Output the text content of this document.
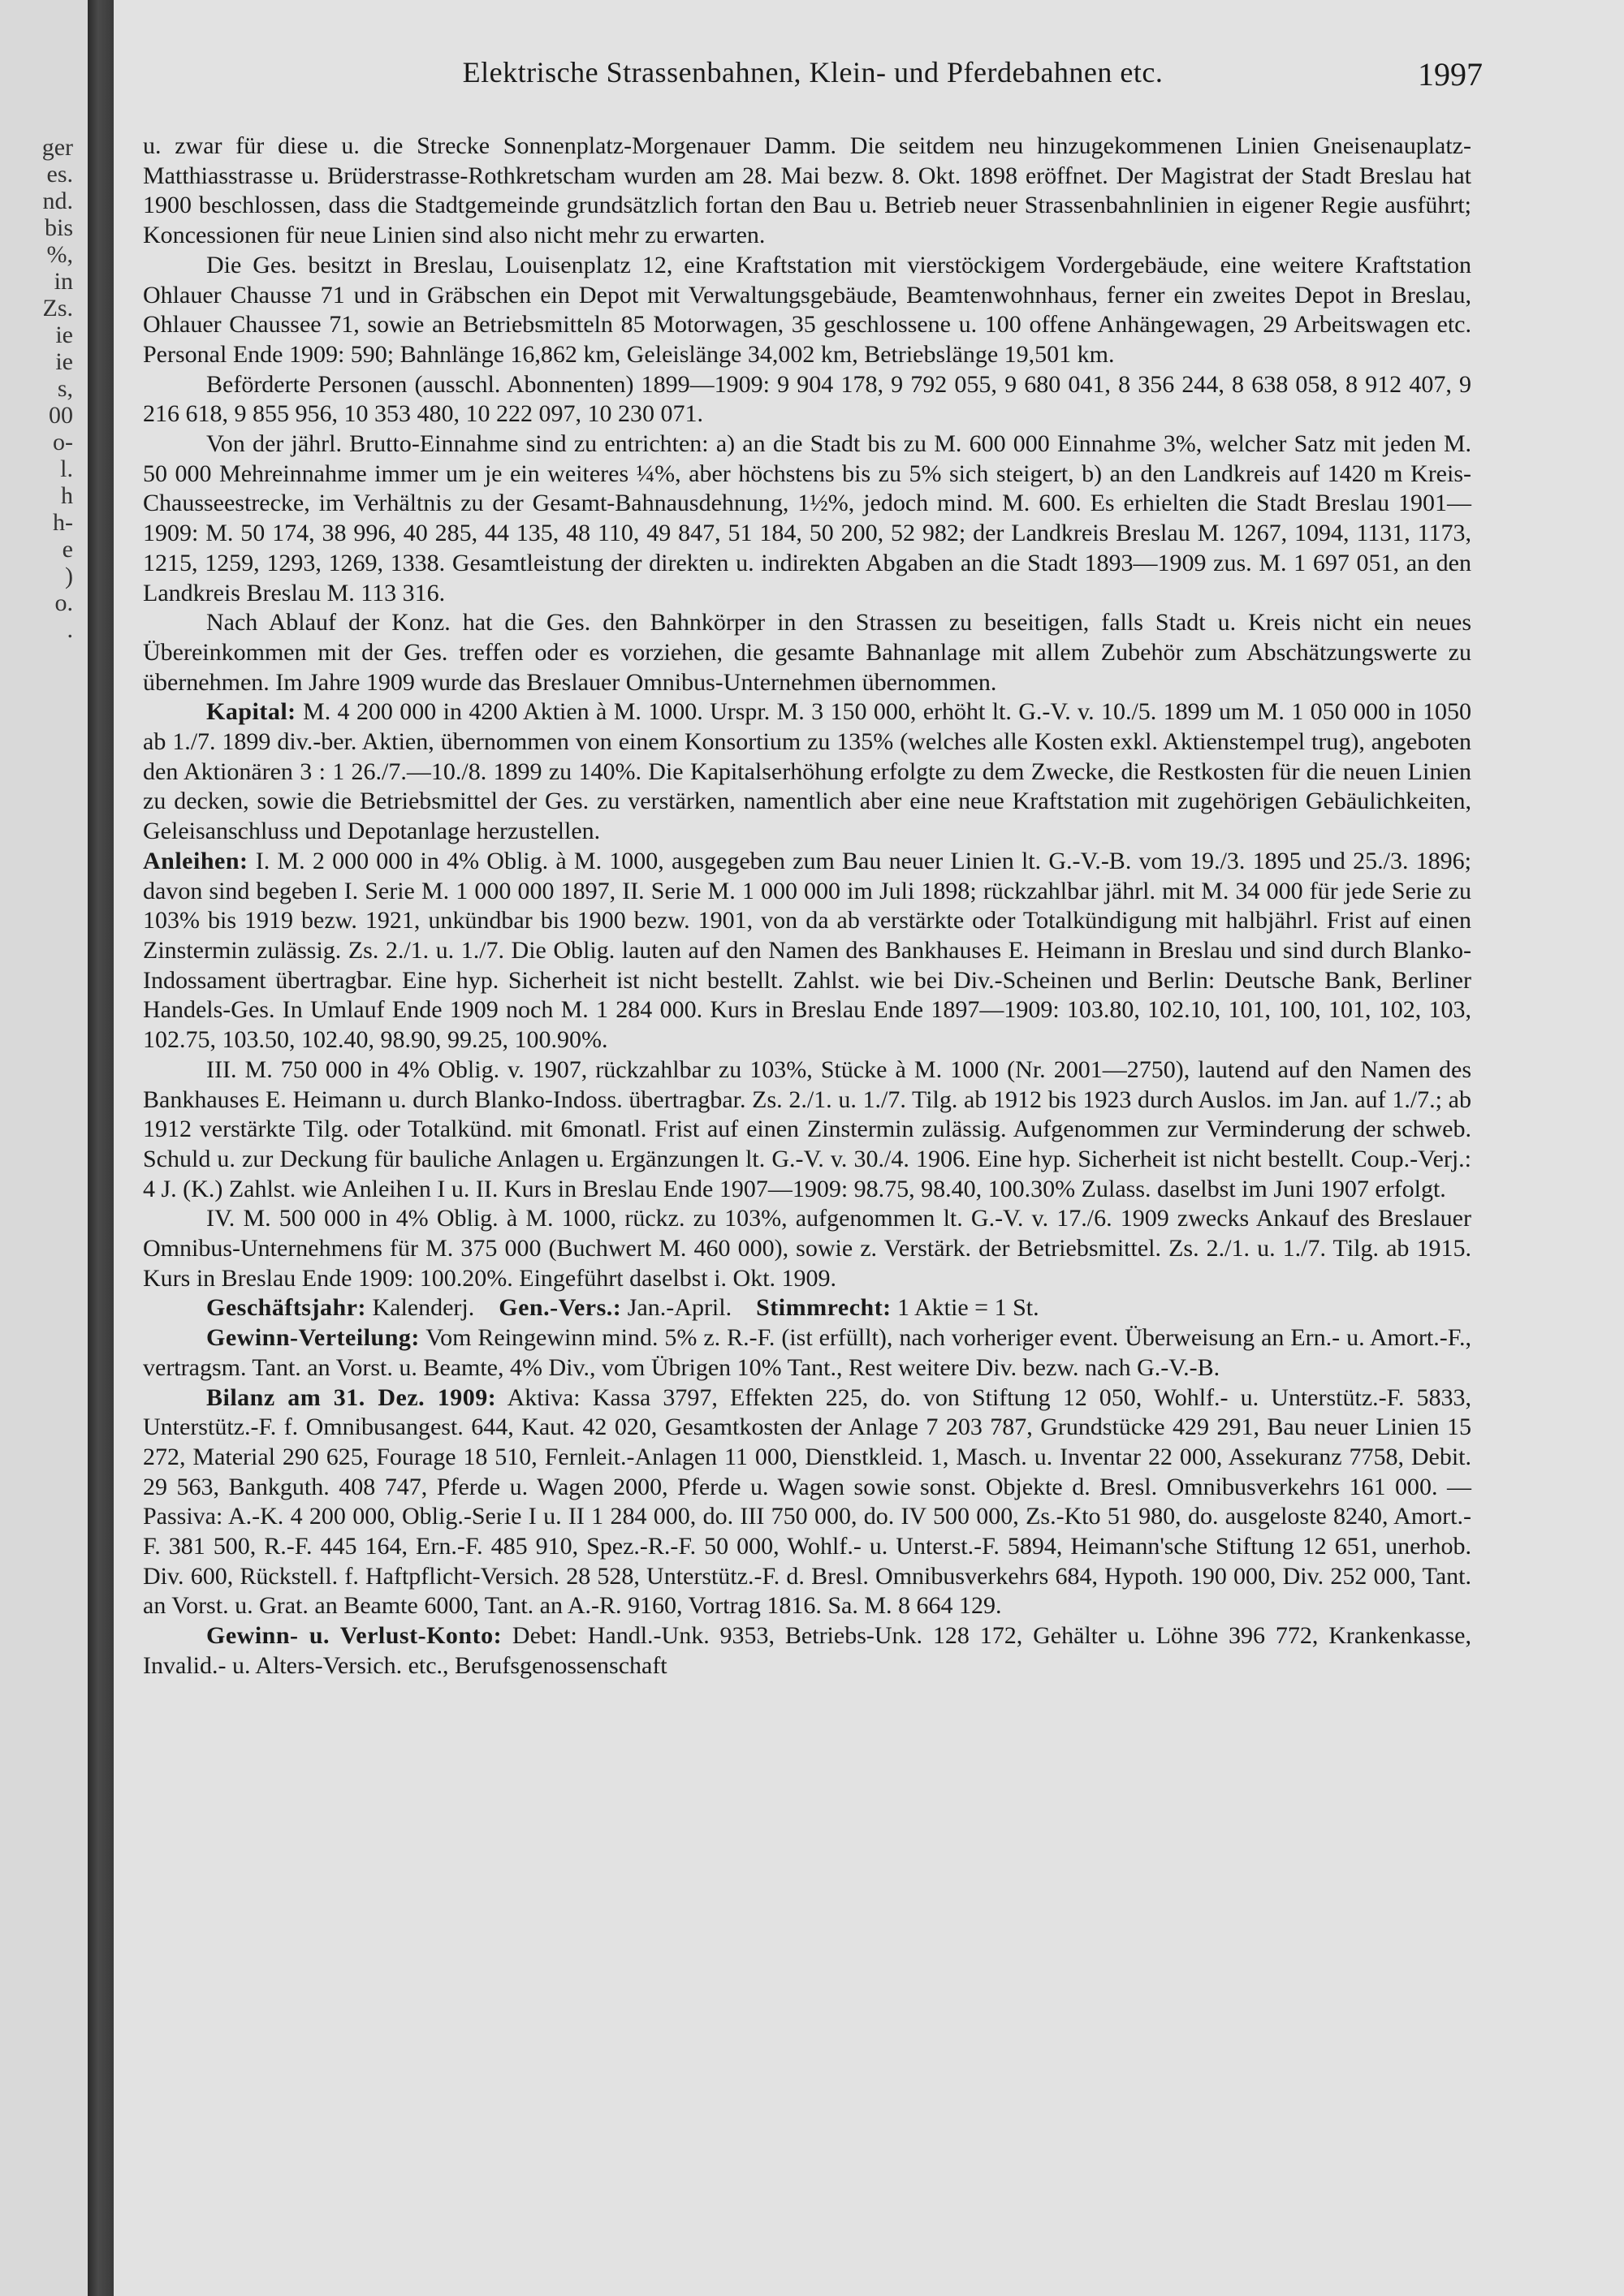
ger
es.
nd.
bis
%,
in
Zs.
ie
ie
s,
00
o-
l.
h
h-
e
)
o.
.
Elektrische Strassenbahnen, Klein- und Pferdebahnen etc.	1997

u. zwar für diese u. die Strecke Sonnenplatz-Morgenauer Damm. Die seitdem neu hinzugekommenen Linien Gneisenauplatz-Matthiasstrasse u. Brüderstrasse-Rothkretscham wurden am 28. Mai bezw. 8. Okt. 1898 eröffnet. Der Magistrat der Stadt Breslau hat 1900 beschlossen, dass die Stadtgemeinde grundsätzlich fortan den Bau u. Betrieb neuer Strassenbahnlinien in eigener Regie ausführt; Koncessionen für neue Linien sind also nicht mehr zu erwarten.

Die Ges. besitzt in Breslau, Louisenplatz 12, eine Kraftstation mit vierstöckigem Vordergebäude, eine weitere Kraftstation Ohlauer Chausse 71 und in Gräbschen ein Depot mit Verwaltungsgebäude, Beamtenwohnhaus, ferner ein zweites Depot in Breslau, Ohlauer Chaussee 71, sowie an Betriebsmitteln 85 Motorwagen, 35 geschlossene u. 100 offene Anhängewagen, 29 Arbeitswagen etc. Personal Ende 1909: 590; Bahnlänge 16,862 km, Geleislänge 34,002 km, Betriebslänge 19,501 km.

Beförderte Personen (ausschl. Abonnenten) 1899—1909: 9 904 178, 9 792 055, 9 680 041, 8 356 244, 8 638 058, 8 912 407, 9 216 618, 9 855 956, 10 353 480, 10 222 097, 10 230 071.

Von der jährl. Brutto-Einnahme sind zu entrichten: a) an die Stadt bis zu M. 600 000 Einnahme 3%, welcher Satz mit jeden M. 50 000 Mehreinnahme immer um je ein weiteres ¼%, aber höchstens bis zu 5% sich steigert, b) an den Landkreis auf 1420 m Kreis-Chausseestrecke, im Verhältnis zu der Gesamt-Bahnausdehnung, 1½%, jedoch mind. M. 600. Es erhielten die Stadt Breslau 1901—1909: M. 50 174, 38 996, 40 285, 44 135, 48 110, 49 847, 51 184, 50 200, 52 982; der Landkreis Breslau M. 1267, 1094, 1131, 1173, 1215, 1259, 1293, 1269, 1338. Gesamtleistung der direkten u. indirekten Abgaben an die Stadt 1893—1909 zus. M. 1 697 051, an den Landkreis Breslau M. 113 316.

Nach Ablauf der Konz. hat die Ges. den Bahnkörper in den Strassen zu beseitigen, falls Stadt u. Kreis nicht ein neues Übereinkommen mit der Ges. treffen oder es vorziehen, die gesamte Bahnanlage mit allem Zubehör zum Abschätzungswerte zu übernehmen. Im Jahre 1909 wurde das Breslauer Omnibus-Unternehmen übernommen.

Kapital: M. 4 200 000 in 4200 Aktien à M. 1000. Urspr. M. 3 150 000, erhöht lt. G.-V. v. 10./5. 1899 um M. 1 050 000 in 1050 ab 1./7. 1899 div.-ber. Aktien, übernommen von einem Konsortium zu 135% (welches alle Kosten exkl. Aktienstempel trug), angeboten den Aktionären 3 : 1 26./7.—10./8. 1899 zu 140%. Die Kapitalserhöhung erfolgte zu dem Zwecke, die Restkosten für die neuen Linien zu decken, sowie die Betriebsmittel der Ges. zu verstärken, namentlich aber eine neue Kraftstation mit zugehörigen Gebäulichkeiten, Geleisanschluss und Depotanlage herzustellen.

Anleihen: I. M. 2 000 000 in 4% Oblig. à M. 1000, ausgegeben zum Bau neuer Linien lt. G.-V.-B. vom 19./3. 1895 und 25./3. 1896; davon sind begeben I. Serie M. 1 000 000 1897, II. Serie M. 1 000 000 im Juli 1898; rückzahlbar jährl. mit M. 34 000 für jede Serie zu 103% bis 1919 bezw. 1921, unkündbar bis 1900 bezw. 1901, von da ab verstärkte oder Totalkündigung mit halbjährl. Frist auf einen Zinstermin zulässig. Zs. 2./1. u. 1./7. Die Oblig. lauten auf den Namen des Bankhauses E. Heimann in Breslau und sind durch Blanko-Indossament übertragbar. Eine hyp. Sicherheit ist nicht bestellt. Zahlst. wie bei Div.-Scheinen und Berlin: Deutsche Bank, Berliner Handels-Ges. In Umlauf Ende 1909 noch M. 1 284 000. Kurs in Breslau Ende 1897—1909: 103.80, 102.10, 101, 100, 101, 102, 103, 102.75, 103.50, 102.40, 98.90, 99.25, 100.90%.

III. M. 750 000 in 4% Oblig. v. 1907, rückzahlbar zu 103%, Stücke à M. 1000 (Nr. 2001—2750), lautend auf den Namen des Bankhauses E. Heimann u. durch Blanko-Indoss. übertragbar. Zs. 2./1. u. 1./7. Tilg. ab 1912 bis 1923 durch Auslos. im Jan. auf 1./7.; ab 1912 verstärkte Tilg. oder Totalkünd. mit 6monatl. Frist auf einen Zinstermin zulässig. Aufgenommen zur Verminderung der schweb. Schuld u. zur Deckung für bauliche Anlagen u. Ergänzungen lt. G.-V. v. 30./4. 1906. Eine hyp. Sicherheit ist nicht bestellt. Coup.-Verj.: 4 J. (K.) Zahlst. wie Anleihen I u. II. Kurs in Breslau Ende 1907—1909: 98.75, 98.40, 100.30% Zulass. daselbst im Juni 1907 erfolgt.

IV. M. 500 000 in 4% Oblig. à M. 1000, rückz. zu 103%, aufgenommen lt. G.-V. v. 17./6. 1909 zwecks Ankauf des Breslauer Omnibus-Unternehmens für M. 375 000 (Buchwert M. 460 000), sowie z. Verstärk. der Betriebsmittel. Zs. 2./1. u. 1./7. Tilg. ab 1915. Kurs in Breslau Ende 1909: 100.20%. Eingeführt daselbst i. Okt. 1909.

Geschäftsjahr: Kalenderj. Gen.-Vers.: Jan.-April. Stimmrecht: 1 Aktie = 1 St.

Gewinn-Verteilung: Vom Reingewinn mind. 5% z. R.-F. (ist erfüllt), nach vorheriger event. Überweisung an Ern.- u. Amort.-F., vertragsm. Tant. an Vorst. u. Beamte, 4% Div., vom Übrigen 10% Tant., Rest weitere Div. bezw. nach G.-V.-B.

Bilanz am 31. Dez. 1909: Aktiva: Kassa 3797, Effekten 225, do. von Stiftung 12 050, Wohlf.- u. Unterstütz.-F. 5833, Unterstütz.-F. f. Omnibusangest. 644, Kaut. 42 020, Gesamtkosten der Anlage 7 203 787, Grundstücke 429 291, Bau neuer Linien 15 272, Material 290 625, Fourage 18 510, Fernleit.-Anlagen 11 000, Dienstkleid. 1, Masch. u. Inventar 22 000, Assekuranz 7758, Debit. 29 563, Bankguth. 408 747, Pferde u. Wagen 2000, Pferde u. Wagen sowie sonst. Objekte d. Bresl. Omnibusverkehrs 161 000. — Passiva: A.-K. 4 200 000, Oblig.-Serie I u. II 1 284 000, do. III 750 000, do. IV 500 000, Zs.-Kto 51 980, do. ausgeloste 8240, Amort.-F. 381 500, R.-F. 445 164, Ern.-F. 485 910, Spez.-R.-F. 50 000, Wohlf.- u. Unterst.-F. 5894, Heimann'sche Stiftung 12 651, unerhob. Div. 600, Rückstell. f. Haftpflicht-Versich. 28 528, Unterstütz.-F. d. Bresl. Omnibusverkehrs 684, Hypoth. 190 000, Div. 252 000, Tant. an Vorst. u. Grat. an Beamte 6000, Tant. an A.-R. 9160, Vortrag 1816. Sa. M. 8 664 129.

Gewinn- u. Verlust-Konto: Debet: Handl.-Unk. 9353, Betriebs-Unk. 128 172, Gehälter u. Löhne 396 772, Krankenkasse, Invalid.- u. Alters-Versich. etc., Berufsgenossenschaft
